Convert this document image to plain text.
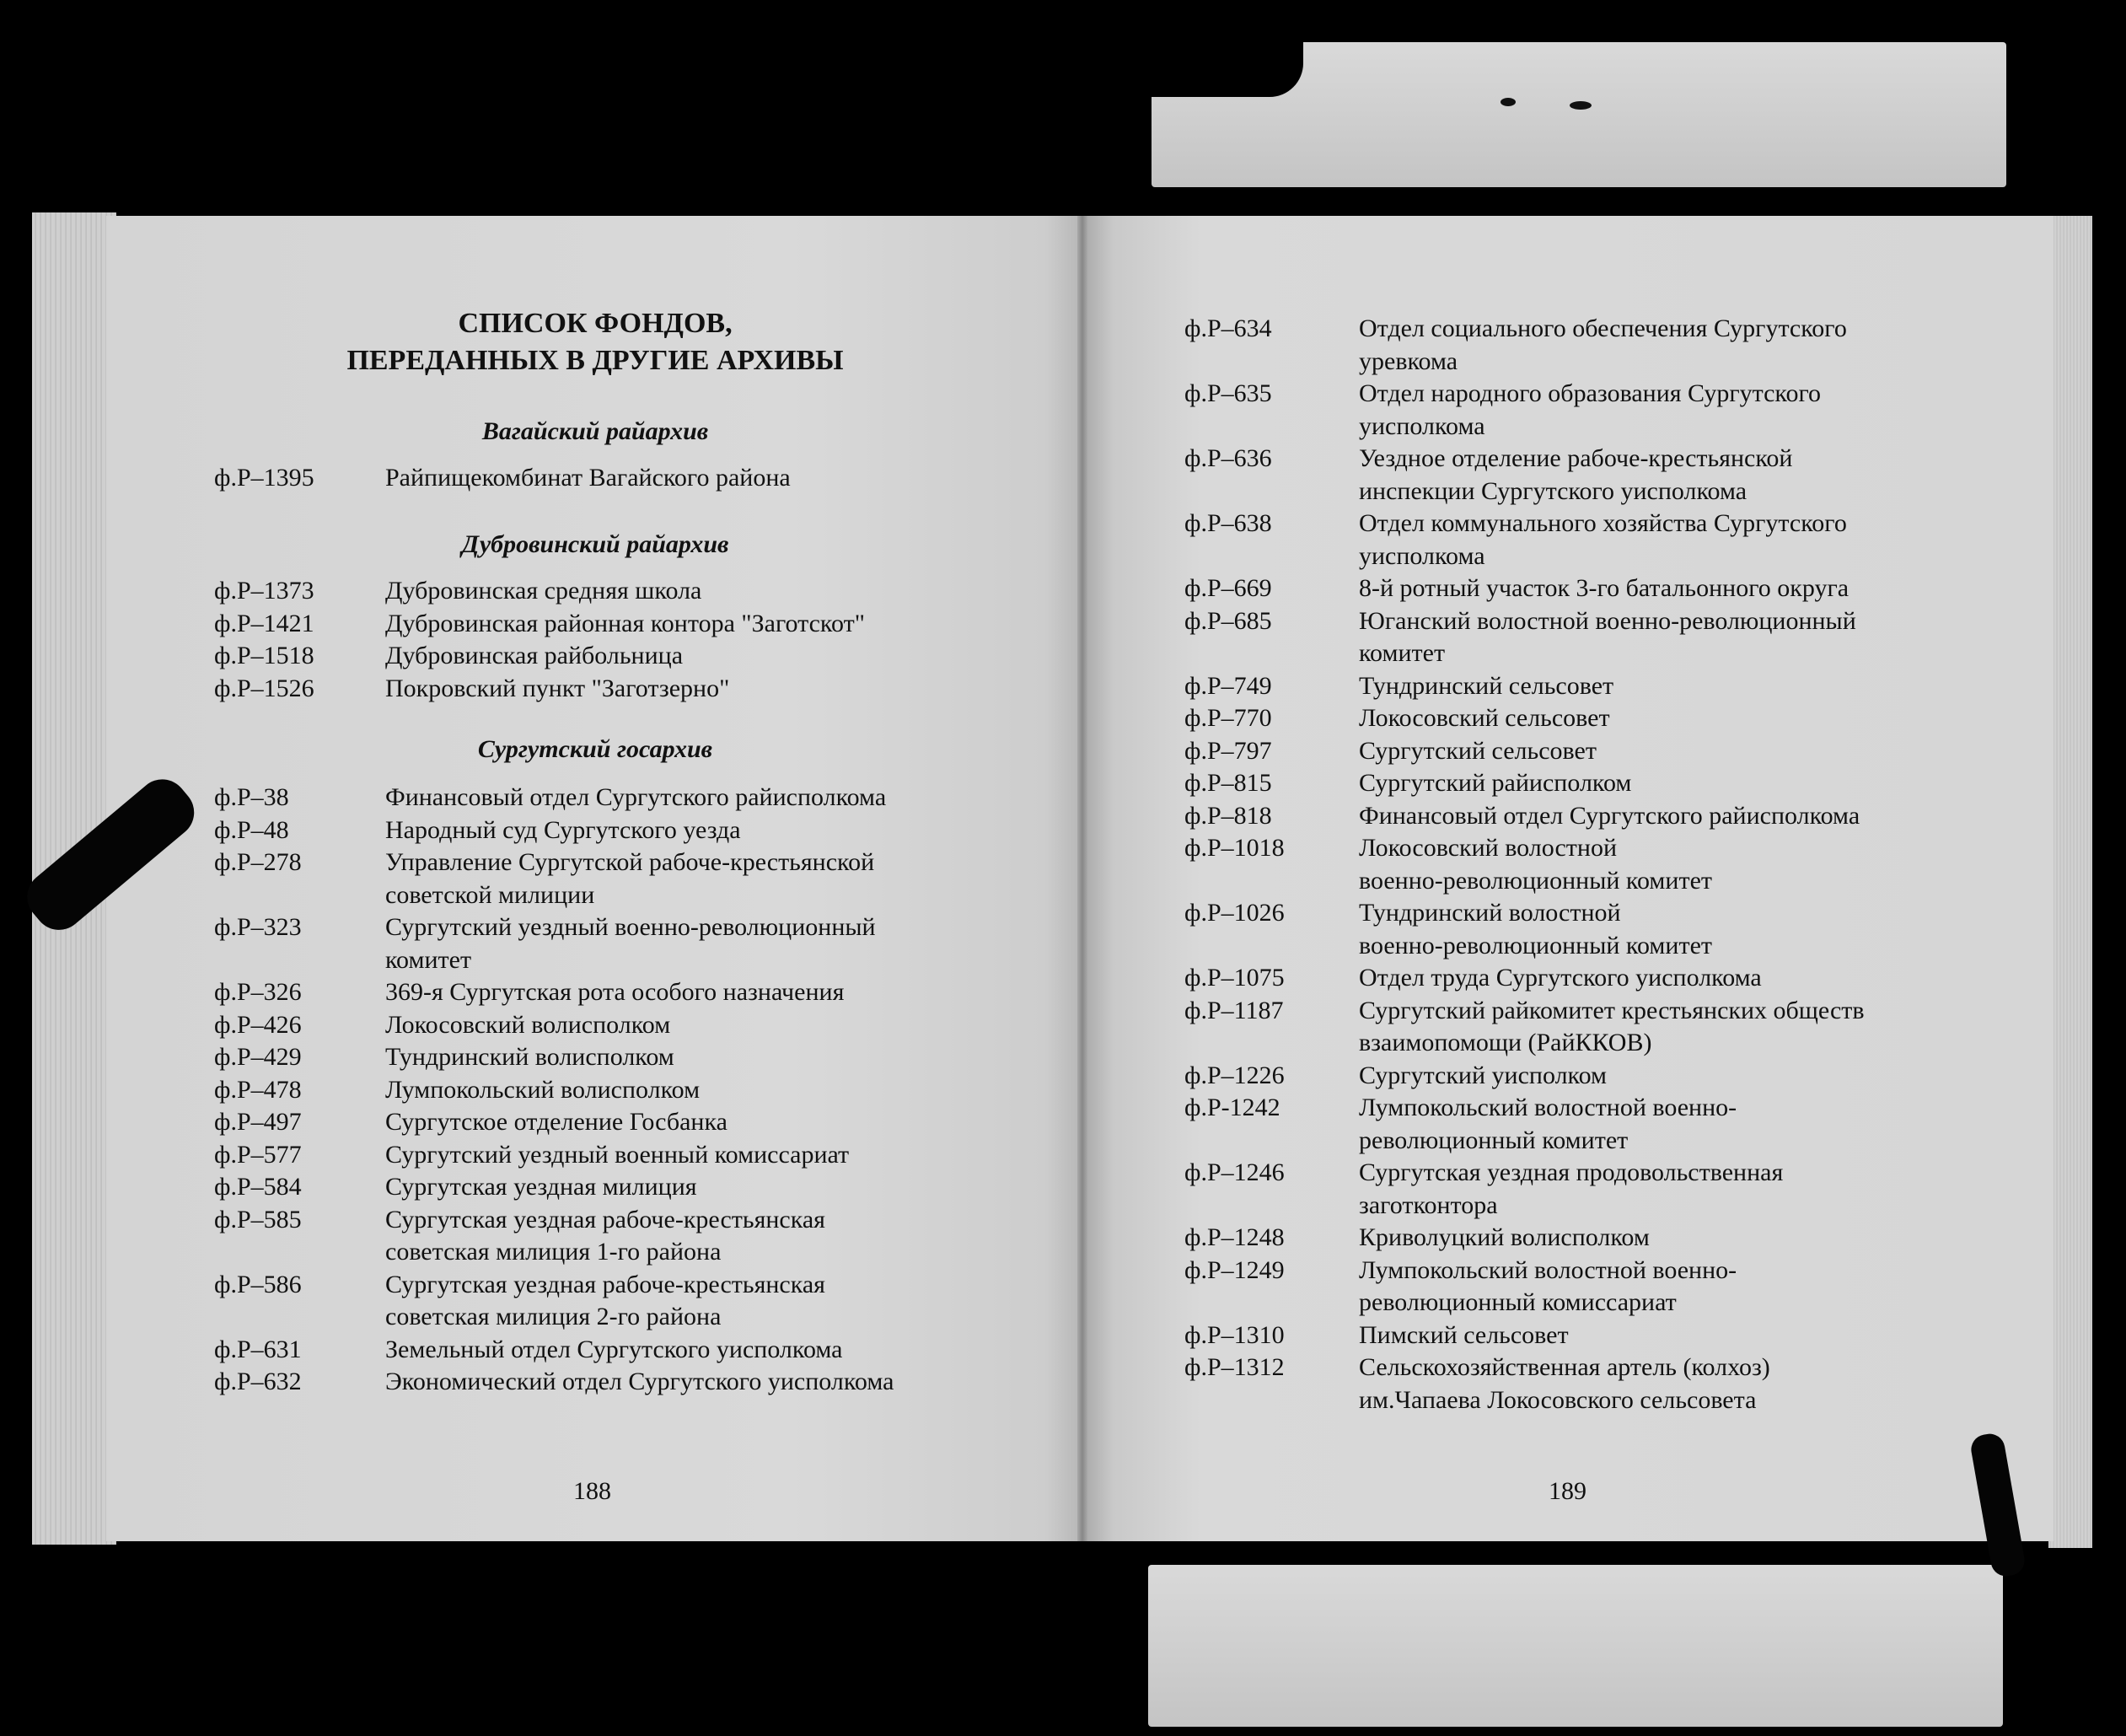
СПИСОК ФОНДОВ,
ПЕРЕДАННЫХ В ДРУГИЕ АРХИВЫ
Вагайский райархив
ф.Р–1395	Райпищекомбинат Вагайского района
Дубровинский райархив
ф.Р–1373	Дубровинская средняя школа
ф.Р–1421	Дубровинская районная контора "Заготскот"
ф.Р–1518	Дубровинская райбольница
ф.Р–1526	Покровский пункт "Заготзерно"
Сургутский госархив
ф.Р–38	Финансовый отдел Сургутского райисполкома
ф.Р–48	Народный суд Сургутского уезда
ф.Р–278	Управление Сургутской рабоче-крестьянской
советской милиции
ф.Р–323	Сургутский уездный военно-революционный
комитет
ф.Р–326	369-я Сургутская рота особого назначения
ф.Р–426	Локосовский волисполком
ф.Р–429	Тундринский волисполком
ф.Р–478	Лумпокольский волисполком
ф.Р–497	Сургутское отделение Госбанка
ф.Р–577	Сургутский уездный военный комиссариат
ф.Р–584	Сургутская уездная милиция
ф.Р–585	Сургутская уездная рабоче-крестьянская
советская милиция 1-го района
ф.Р–586	Сургутская уездная рабоче-крестьянская
советская милиция 2-го района
ф.Р–631	Земельный отдел Сургутского уисполкома
ф.Р–632	Экономический отдел Сургутского уисполкома
188
ф.Р–634	Отдел социального обеспечения Сургутского
уревкома
ф.Р–635	Отдел народного образования Сургутского
уисполкома
ф.Р–636	Уездное отделение рабоче-крестьянской
инспекции Сургутского уисполкома
ф.Р–638	Отдел коммунального хозяйства Сургутского
уисполкома
ф.Р–669	8-й ротный участок 3-го батальонного округа
ф.Р–685	Юганский волостной военно-революционный
комитет
ф.Р–749	Тундринский сельсовет
ф.Р–770	Локосовский сельсовет
ф.Р–797	Сургутский сельсовет
ф.Р–815	Сургутский райисполком
ф.Р–818	Финансовый отдел Сургутского райисполкома
ф.Р–1018	Локосовский волостной
военно-революционный комитет
ф.Р–1026	Тундринский волостной
военно-революционный комитет
ф.Р–1075	Отдел труда Сургутского уисполкома
ф.Р–1187	Сургутский райкомитет крестьянских обществ
взаимопомощи (РайККОВ)
ф.Р–1226	Сургутский уисполком
ф.Р-1242	Лумпокольский волостной военно-
революционный комитет
ф.Р–1246	Сургутская уездная продовольственная
заготконтора
ф.Р–1248	Криволуцкий волисполком
ф.Р–1249	Лумпокольский волостной военно-
революционный комиссариат
ф.Р–1310	Пимский сельсовет
ф.Р–1312	Сельскохозяйственная артель (колхоз)
им.Чапаева Локосовского сельсовета
189
